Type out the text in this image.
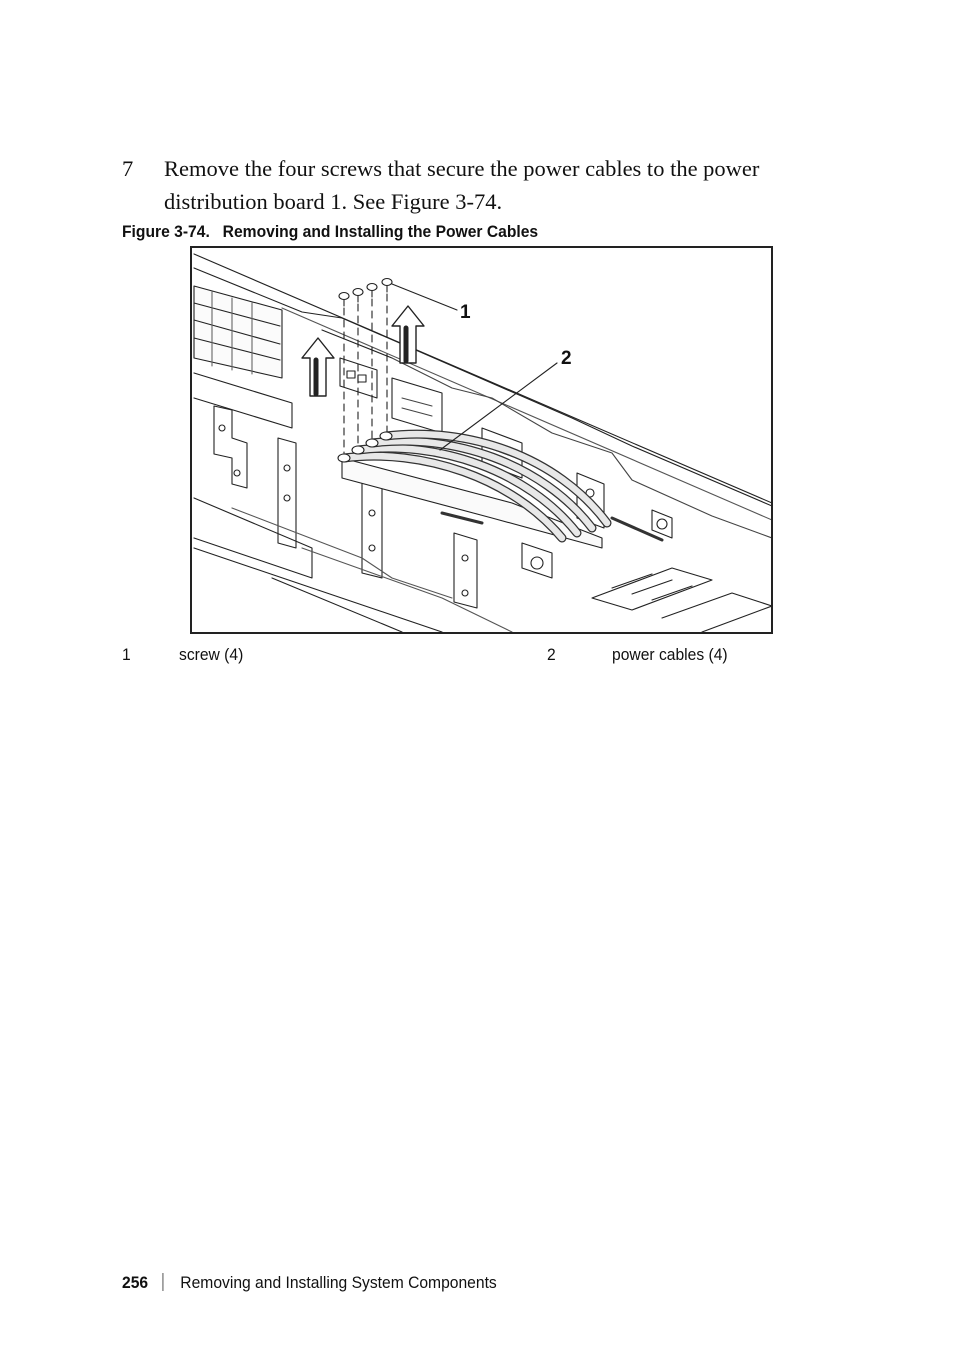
7 Remove the four screws that secure the power cables to the power distribution board 1. See Figure 3-74.
Figure 3-74. Removing and Installing the Power Cables
1
2
1	screw (4)	2	power cables (4)
256 Removing and Installing System Components
